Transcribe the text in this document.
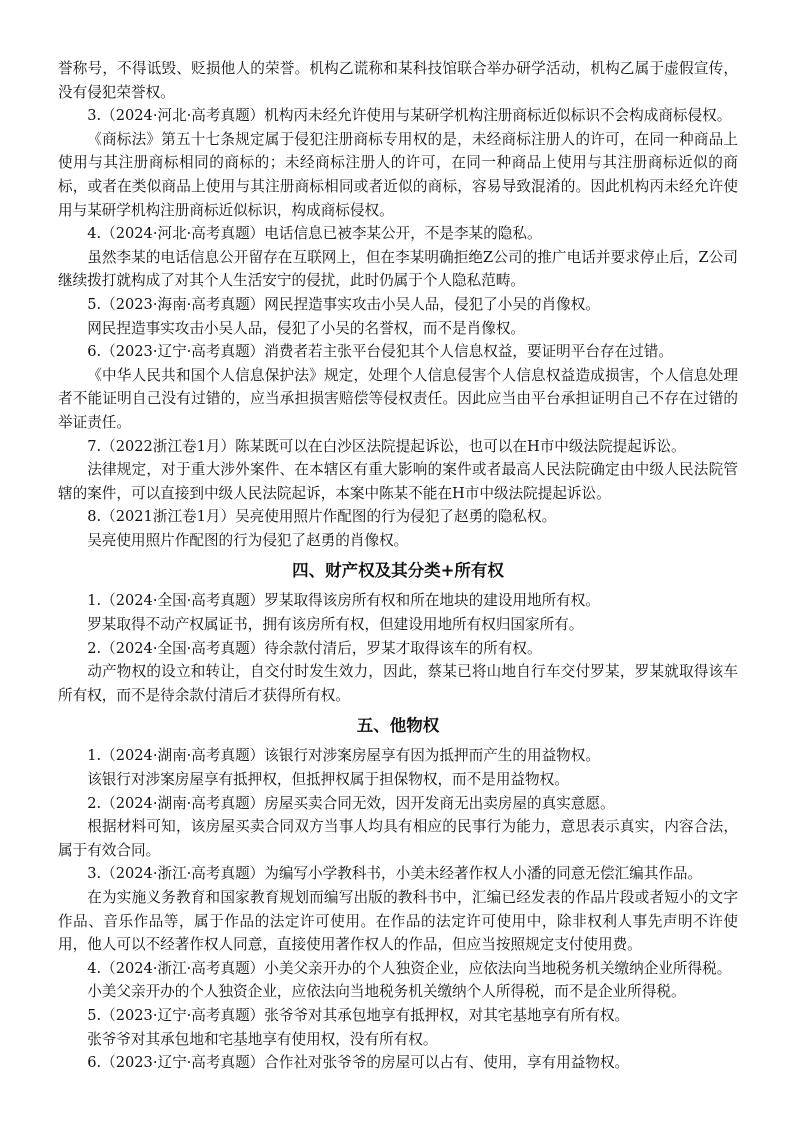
誉称号，不得诋毁、贬损他人的荣誉。机构乙谎称和某科技馆联合举办研学活动，机构乙属于虚假宣传，没有侵犯荣誉权。

3.（2024·河北·高考真题）机构丙未经允许使用与某研学机构注册商标近似标识不会构成商标侵权。

《商标法》第五十七条规定属于侵犯注册商标专用权的是，未经商标注册人的许可，在同一种商品上使用与其注册商标相同的商标的；未经商标注册人的许可，在同一种商品上使用与其注册商标近似的商标，或者在类似商品上使用与其注册商标相同或者近似的商标，容易导致混淆的。因此机构丙未经允许使用与某研学机构注册商标近似标识，构成商标侵权。

4.（2024·河北·高考真题）电话信息已被李某公开，不是李某的隐私。

虽然李某的电话信息公开留存在互联网上，但在李某明确拒绝Z公司的推广电话并要求停止后，Z公司继续拨打就构成了对其个人生活安宁的侵扰，此时仍属于个人隐私范畴。

5.（2023·海南·高考真题）网民捏造事实攻击小吴人品，侵犯了小吴的肖像权。

网民捏造事实攻击小吴人品，侵犯了小吴的名誉权，而不是肖像权。

6.（2023·辽宁·高考真题）消费者若主张平台侵犯其个人信息权益，要证明平台存在过错。

《中华人民共和国个人信息保护法》规定，处理个人信息侵害个人信息权益造成损害，个人信息处理者不能证明自己没有过错的，应当承担损害赔偿等侵权责任。因此应当由平台承担证明自己不存在过错的举证责任。

7.（2022浙江卷1月）陈某既可以在白沙区法院提起诉讼，也可以在H市中级法院提起诉讼。

法律规定，对于重大涉外案件、在本辖区有重大影响的案件或者最高人民法院确定由中级人民法院管辖的案件，可以直接到中级人民法院起诉，本案中陈某不能在H市中级法院提起诉讼。

8.（2021浙江卷1月）吴亮使用照片作配图的行为侵犯了赵勇的隐私权。

吴亮使用照片作配图的行为侵犯了赵勇的肖像权。

四、财产权及其分类+所有权

1.（2024·全国·高考真题）罗某取得该房所有权和所在地块的建设用地所有权。

罗某取得不动产权属证书，拥有该房所有权，但建设用地所有权归国家所有。

2.（2024·全国·高考真题）待余款付清后，罗某才取得该车的所有权。

动产物权的设立和转让，自交付时发生效力，因此，蔡某已将山地自行车交付罗某，罗某就取得该车所有权，而不是待余款付清后才获得所有权。

五、他物权

1.（2024·湖南·高考真题）该银行对涉案房屋享有因为抵押而产生的用益物权。

该银行对涉案房屋享有抵押权，但抵押权属于担保物权，而不是用益物权。

2.（2024·湖南·高考真题）房屋买卖合同无效，因开发商无出卖房屋的真实意愿。

根据材料可知，该房屋买卖合同双方当事人均具有相应的民事行为能力，意思表示真实，内容合法，属于有效合同。

3.（2024·浙江·高考真题）为编写小学教科书，小美未经著作权人小潘的同意无偿汇编其作品。

在为实施义务教育和国家教育规划而编写出版的教科书中，汇编已经发表的作品片段或者短小的文字作品、音乐作品等，属于作品的法定许可使用。在作品的法定许可使用中，除非权利人事先声明不许使用，他人可以不经著作权人同意，直接使用著作权人的作品，但应当按照规定支付使用费。

4.（2024·浙江·高考真题）小美父亲开办的个人独资企业，应依法向当地税务机关缴纳企业所得税。

小美父亲开办的个人独资企业，应依法向当地税务机关缴纳个人所得税，而不是企业所得税。

5.（2023·辽宁·高考真题）张爷爷对其承包地享有抵押权，对其宅基地享有所有权。

张爷爷对其承包地和宅基地享有使用权，没有所有权。

6.（2023·辽宁·高考真题）合作社对张爷爷的房屋可以占有、使用，享有用益物权。
